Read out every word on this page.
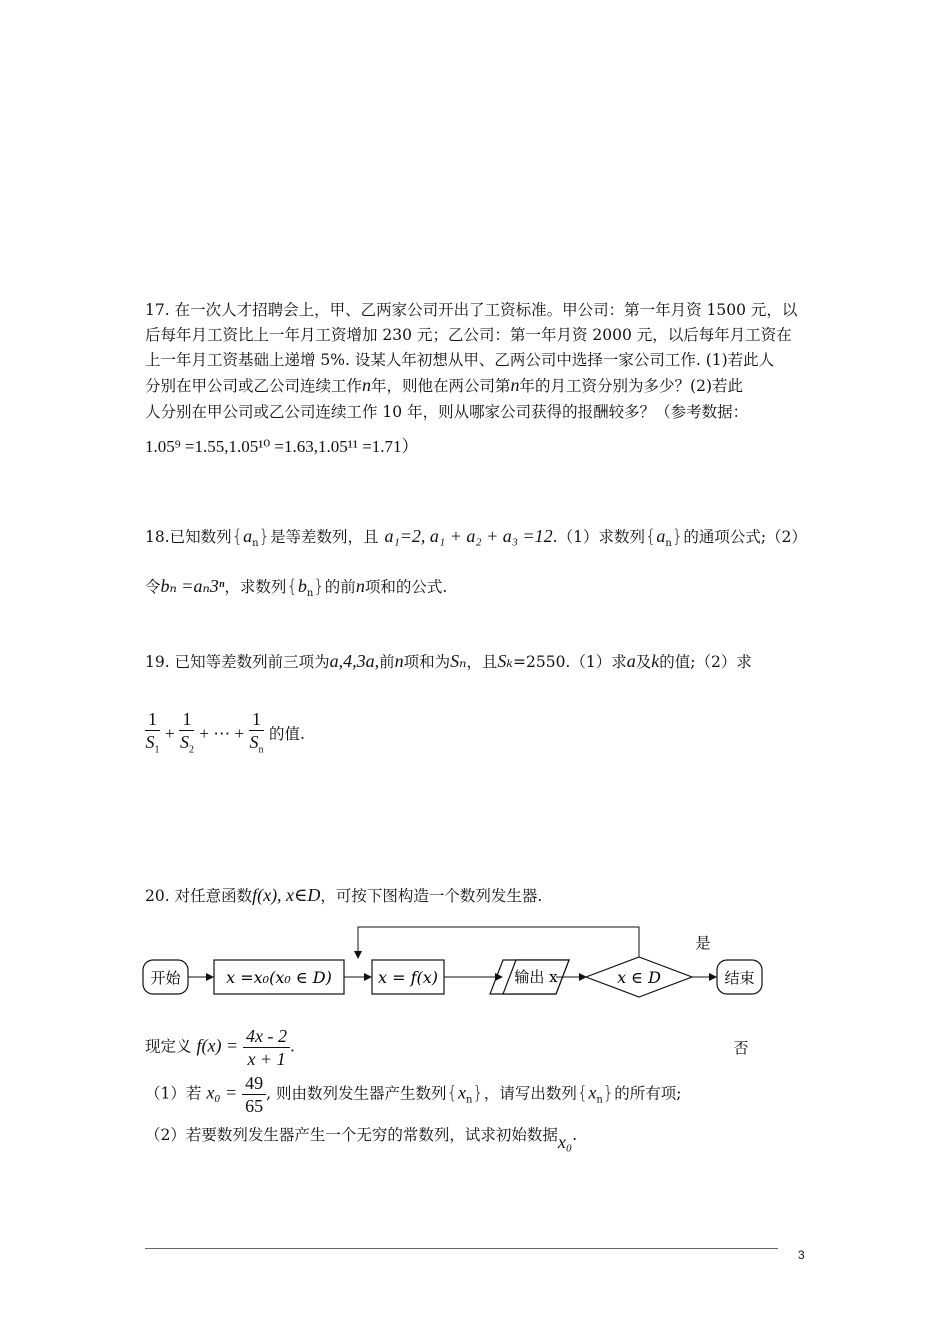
17. 在一次人才招聘会上，甲、乙两家公司开出了工资标准。甲公司：第一年月资 1500 元，以
后每年月工资比上一年月工资增加 230 元；乙公司：第一年月资 2000 元，以后每年月工资在
上一年月工资基础上递增 5%. 设某人年初想从甲、乙两公司中选择一家公司工作. (1)若此人
分别在甲公司或乙公司连续工作n年，则他在两公司第n年的月工资分别为多少？(2)若此
人分别在甲公司或乙公司连续工作 10 年，则从哪家公司获得的报酬较多？（参考数据：
1.05⁹ =1.55,1.05¹⁰ =1.63,1.05¹¹ =1.71）
18.已知数列$\{a_n\}$是等差数列，且 a₁=2, a₁ + a₂ + a₃ =12.（1）求数列$\{a_n\}$的通项公式;（2）
令bₙ =aₙ3ⁿ，求数列$\{b_n\}$的前n项和的公式.
19. 已知等差数列前三项为a,4,3a,前n项和为Sₙ，且Sₖ=2550.（1）求a及k的值;（2）求
$\frac{1}{S_1} + \frac{1}{S_2}$ + ⋯ + $\frac{1}{S_n}$ 的值.
20. 对任意函数f(x), x∈D，可按下图构造一个数列发生器.
开始	x =x₀(x₀ ∈ D)	x = f(x)	输出 x	x ∈ D	结束
是
否
现定义 $f(x) = \frac{4x - 2}{x + 1}$ .
（1）若 $x_0 = \frac{49}{65}$ , 则由数列发生器产生数列$\{x_n\}$，请写出数列$\{x_n\}$的所有项;
（2）若要数列发生器产生一个无穷的常数列，试求初始数据x₀.
3
